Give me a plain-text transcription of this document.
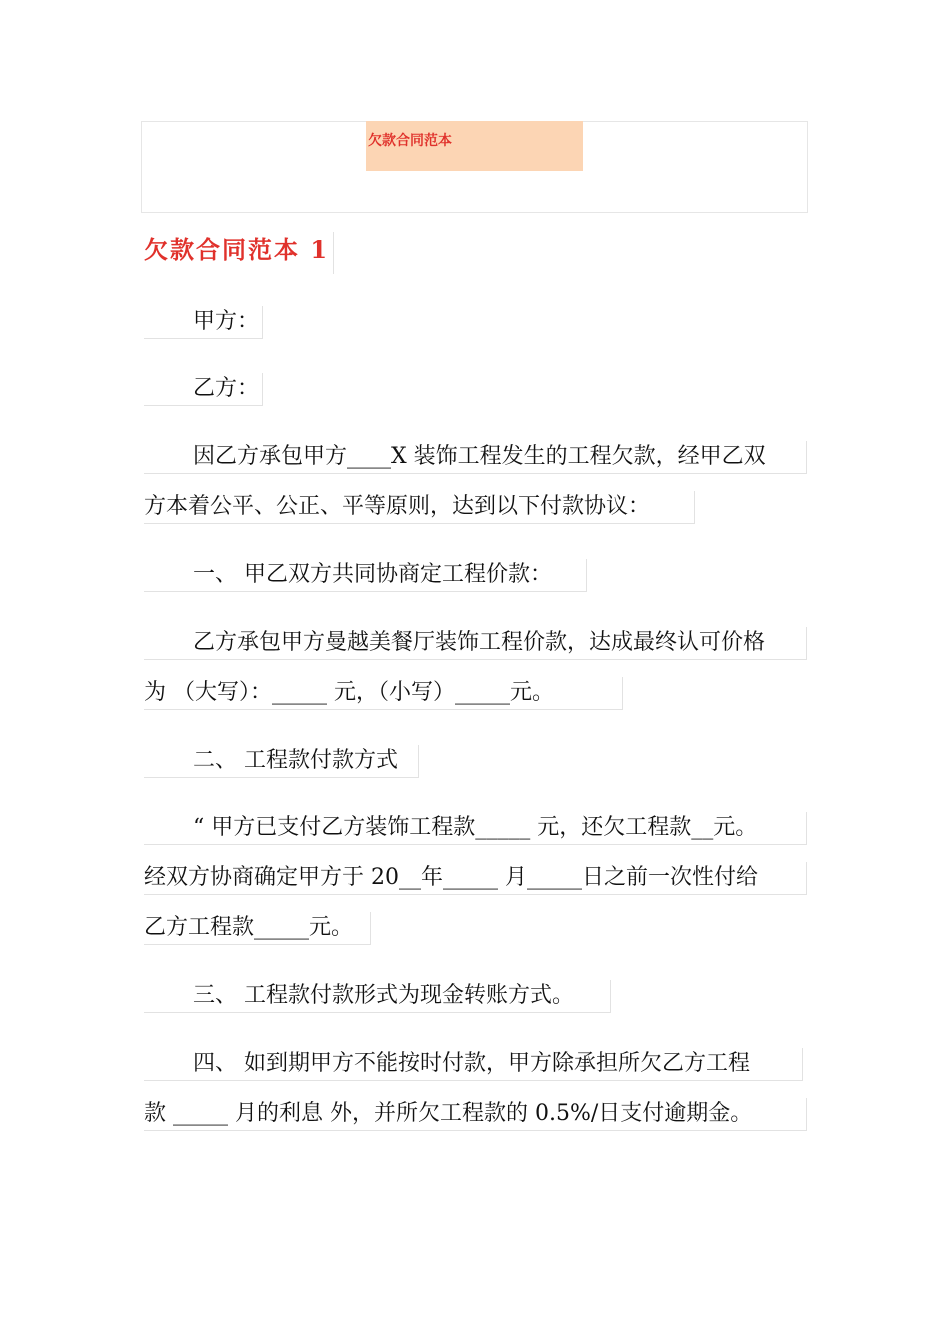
欠款合同范本
欠款合同范本 1
甲方：
乙方：
因乙方承包甲方____X 装饰工程发生的工程欠款，经甲乙双
方本着公平、公正、平等原则，达到以下付款协议：
一、 甲乙双方共同协商定工程价款：
乙方承包甲方曼越美餐厅装饰工程价款，达成最终认可价格
为 （大写）：_____ 元，（小写）_____元。
二、 工程款付款方式
“ 甲方已支付乙方装饰工程款_____ 元，还欠工程款__元。
经双方协商确定甲方于 20__年_____ 月_____日之前一次性付给
乙方工程款_____元。
三、 工程款付款形式为现金转账方式。
四、 如到期甲方不能按时付款，甲方除承担所欠乙方工程
款 _____ 月的利息 外，并所欠工程款的 0.5%/日支付逾期金。
